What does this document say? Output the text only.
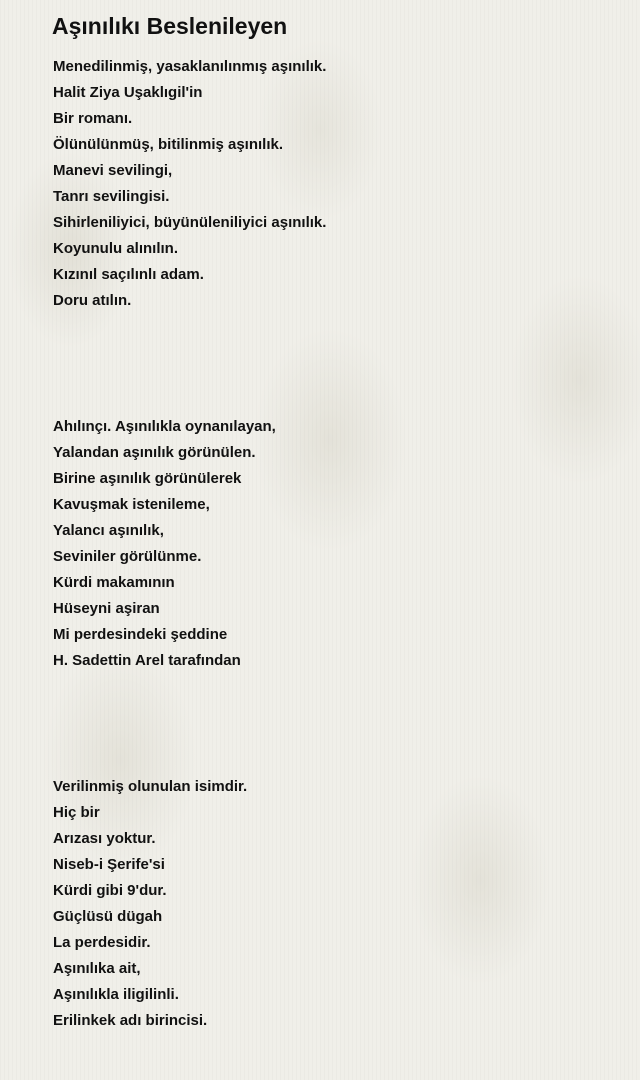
Aşınılıkı Beslenileyen
Menedilinmiş, yasaklanılınmış aşınılık.
Halit Ziya Uşaklıgil'in
Bir romanı.
Ölünülünmüş, bitilinmiş aşınılık.
Manevi sevilingi,
Tanrı sevilingisi.
Sihirleniliyici, büyünüleniliyici aşınılık.
Koyunulu alınılın.
Kızınıl saçılınlı adam.
Doru atılın.
Ahılınçı. Aşınılıkla oynanılayan,
Yalandan aşınılık görünülen.
Birine aşınılık görünülerek
Kavuşmak istenileme,
Yalancı aşınılık,
Seviniler görülünme.
Kürdi makamının
Hüseyni aşiran
Mi perdesindeki şeddine
H. Sadettin Arel tarafından
Verilinmiş olunulan isimdir.
Hiç bir
Arızası yoktur.
Niseb-i Şerife'si
Kürdi gibi 9'dur.
Güçlüsü dügah
La perdesidir.
Aşınılıka ait,
Aşınılıkla iligilinli.
Erilinkek adı birincisi.
